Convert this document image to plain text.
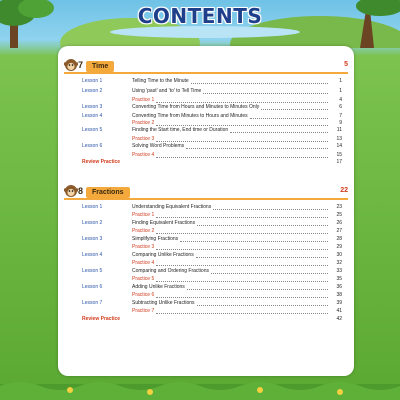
CONTENTS
7	Time	5
Lesson 1	Telling Time to the Minute	1
Lesson 2	Using 'past' and 'to' to Tell Time	1
Practice 1	4
Lesson 3	Converting Time from Hours and Minutes to Minutes Only	6
Lesson 4	Converting Time from Minutes to Hours and Minutes	7
Practice 2	9
Lesson 5	Finding the Start time, End time or Duration	11
Practice 3	13
Lesson 6	Solving Word Problems	14
Practice 4	15
Review Practice	17
8	Fractions	22
Lesson 1	Understanding Equivalent Fractions	23
Practice 1	25
Lesson 2	Finding Equivalent Fractions	26
Practice 2	27
Lesson 3	Simplifying Fractions	28
Practice 3	29
Lesson 4	Comparing Unlike Fractions	30
Practice 4	32
Lesson 5	Comparing and Ordering Fractions	33
Practice 5	35
Lesson 6	Adding Unlike Fractions	36
Practice 6	38
Lesson 7	Subtracting Unlike Fractions	39
Practice 7	41
Review Practice	42
